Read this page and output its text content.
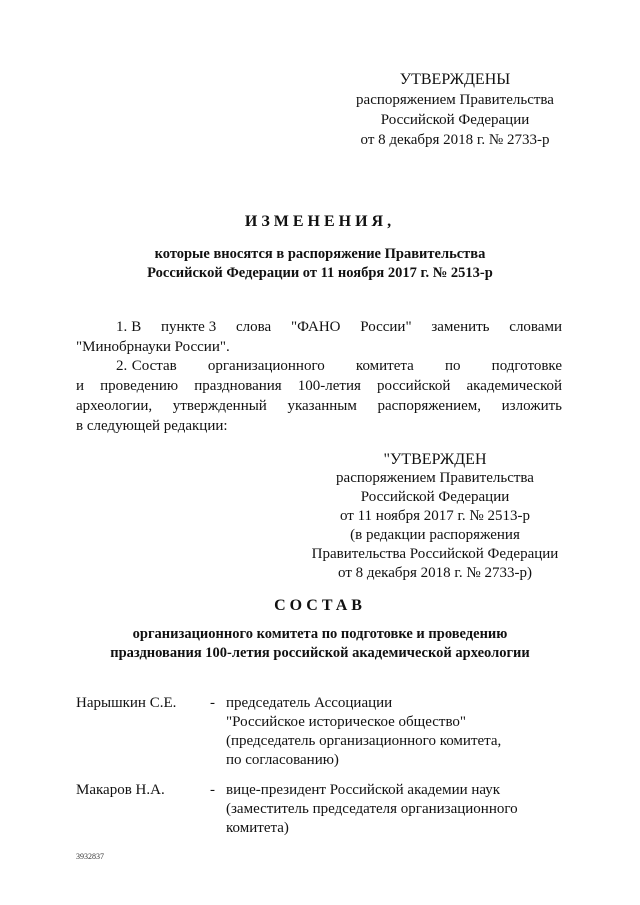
УТВЕРЖДЕНЫ
распоряжением Правительства
Российской Федерации
от 8 декабря 2018 г. № 2733-р
ИЗМЕНЕНИЯ,
которые вносятся в распоряжение Правительства
Российской Федерации от 11 ноября 2017 г. № 2513-р
1. В     пункте 3     слова     "ФАНО     России"     заменить     словами
"Минобрнауки России".
2. Состав       организационного       комитета       по       подготовке
и   проведению   празднования   100-летия   российской   академической
археологии,   утвержденный   указанным   распоряжением,   изложить
в следующей редакции:
"УТВЕРЖДЕН
распоряжением Правительства
Российской Федерации
от 11 ноября 2017 г. № 2513-р
(в редакции распоряжения
Правительства Российской Федерации
от 8 декабря 2018 г. № 2733-р)
СОСТАВ
организационного комитета по подготовке и проведению
празднования 100-летия российской академической археологии
Нарышкин С.Е. - председатель Ассоциации
"Российское историческое общество"
(председатель организационного комитета,
по согласованию)
Макаров Н.А.	- вице-президент Российской академии наук
(заместитель председателя организационного
комитета)
3932837
